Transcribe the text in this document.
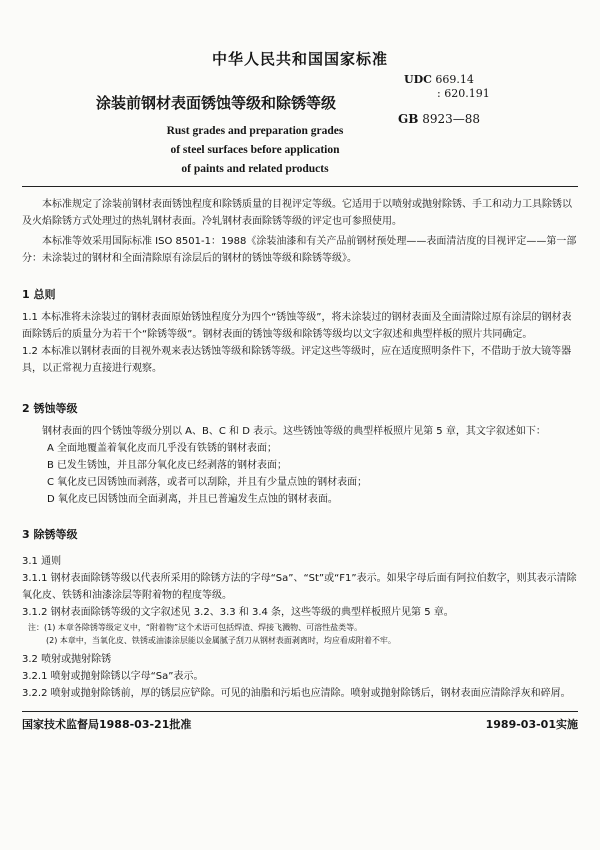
中华人民共和国国家标准
涂装前钢材表面锈蚀等级和除锈等级
UDC 669.14
: 620.191
GB 8923—88
Rust grades and preparation grades
of steel surfaces before application
of paints and related products

本标准规定了涂装前钢材表面锈蚀程度和除锈质量的目视评定等级。它适用于以喷射或抛射除锈、手工和动力工具除锈以及火焰除锈方式处理过的热轧钢材表面。冷轧钢材表面除锈等级的评定也可参照使用。

本标准等效采用国际标准 ISO 8501-1：1988《涂装油漆和有关产品前钢材预处理——表面清洁度的目视评定——第一部分：未涂装过的钢材和全面清除原有涂层后的钢材的锈蚀等级和除锈等级》。

1 总则

1.1 本标准将未涂装过的钢材表面原始锈蚀程度分为四个“锈蚀等级”，将未涂装过的钢材表面及全面清除过原有涂层的钢材表面除锈后的质量分为若干个“除锈等级”。钢材表面的锈蚀等级和除锈等级均以文字叙述和典型样板的照片共同确定。

1.2 本标准以钢材表面的目视外观来表达锈蚀等级和除锈等级。评定这些等级时，应在适度照明条件下，不借助于放大镜等器具，以正常视力直接进行观察。

2 锈蚀等级

钢材表面的四个锈蚀等级分别以 A、B、C 和 D 表示。这些锈蚀等级的典型样板照片见第 5 章，其文字叙述如下：

A 全面地覆盖着氧化皮而几乎没有铁锈的钢材表面；

B 已发生锈蚀，并且部分氧化皮已经剥落的钢材表面；

C 氧化皮已因锈蚀而剥落，或者可以刮除，并且有少量点蚀的钢材表面；

D 氧化皮已因锈蚀而全面剥离，并且已普遍发生点蚀的钢材表面。

3 除锈等级

3.1 通则

3.1.1 钢材表面除锈等级以代表所采用的除锈方法的字母“Sa”、“St”或“F1”表示。如果字母后面有阿拉伯数字，则其表示清除氧化皮、铁锈和油漆涂层等附着物的程度等级。

3.1.2 钢材表面除锈等级的文字叙述见 3.2、3.3 和 3.4 条，这些等级的典型样板照片见第 5 章。

注：(1) 本章各除锈等级定义中，“附着物”这个术语可包括焊渣、焊接飞溅物、可溶性盐类等。

(2) 本章中，当氧化皮、铁锈或油漆涂层能以金属腻子刮刀从钢材表面剥离时，均应看成附着不牢。

3.2 喷射或抛射除锈

3.2.1 喷射或抛射除锈以字母“Sa”表示。

3.2.2 喷射或抛射除锈前，厚的锈层应铲除。可见的油脂和污垢也应清除。喷射或抛射除锈后，钢材表面应清除浮灰和碎屑。

国家技术监督局1988-03-21批准	1989-03-01实施
